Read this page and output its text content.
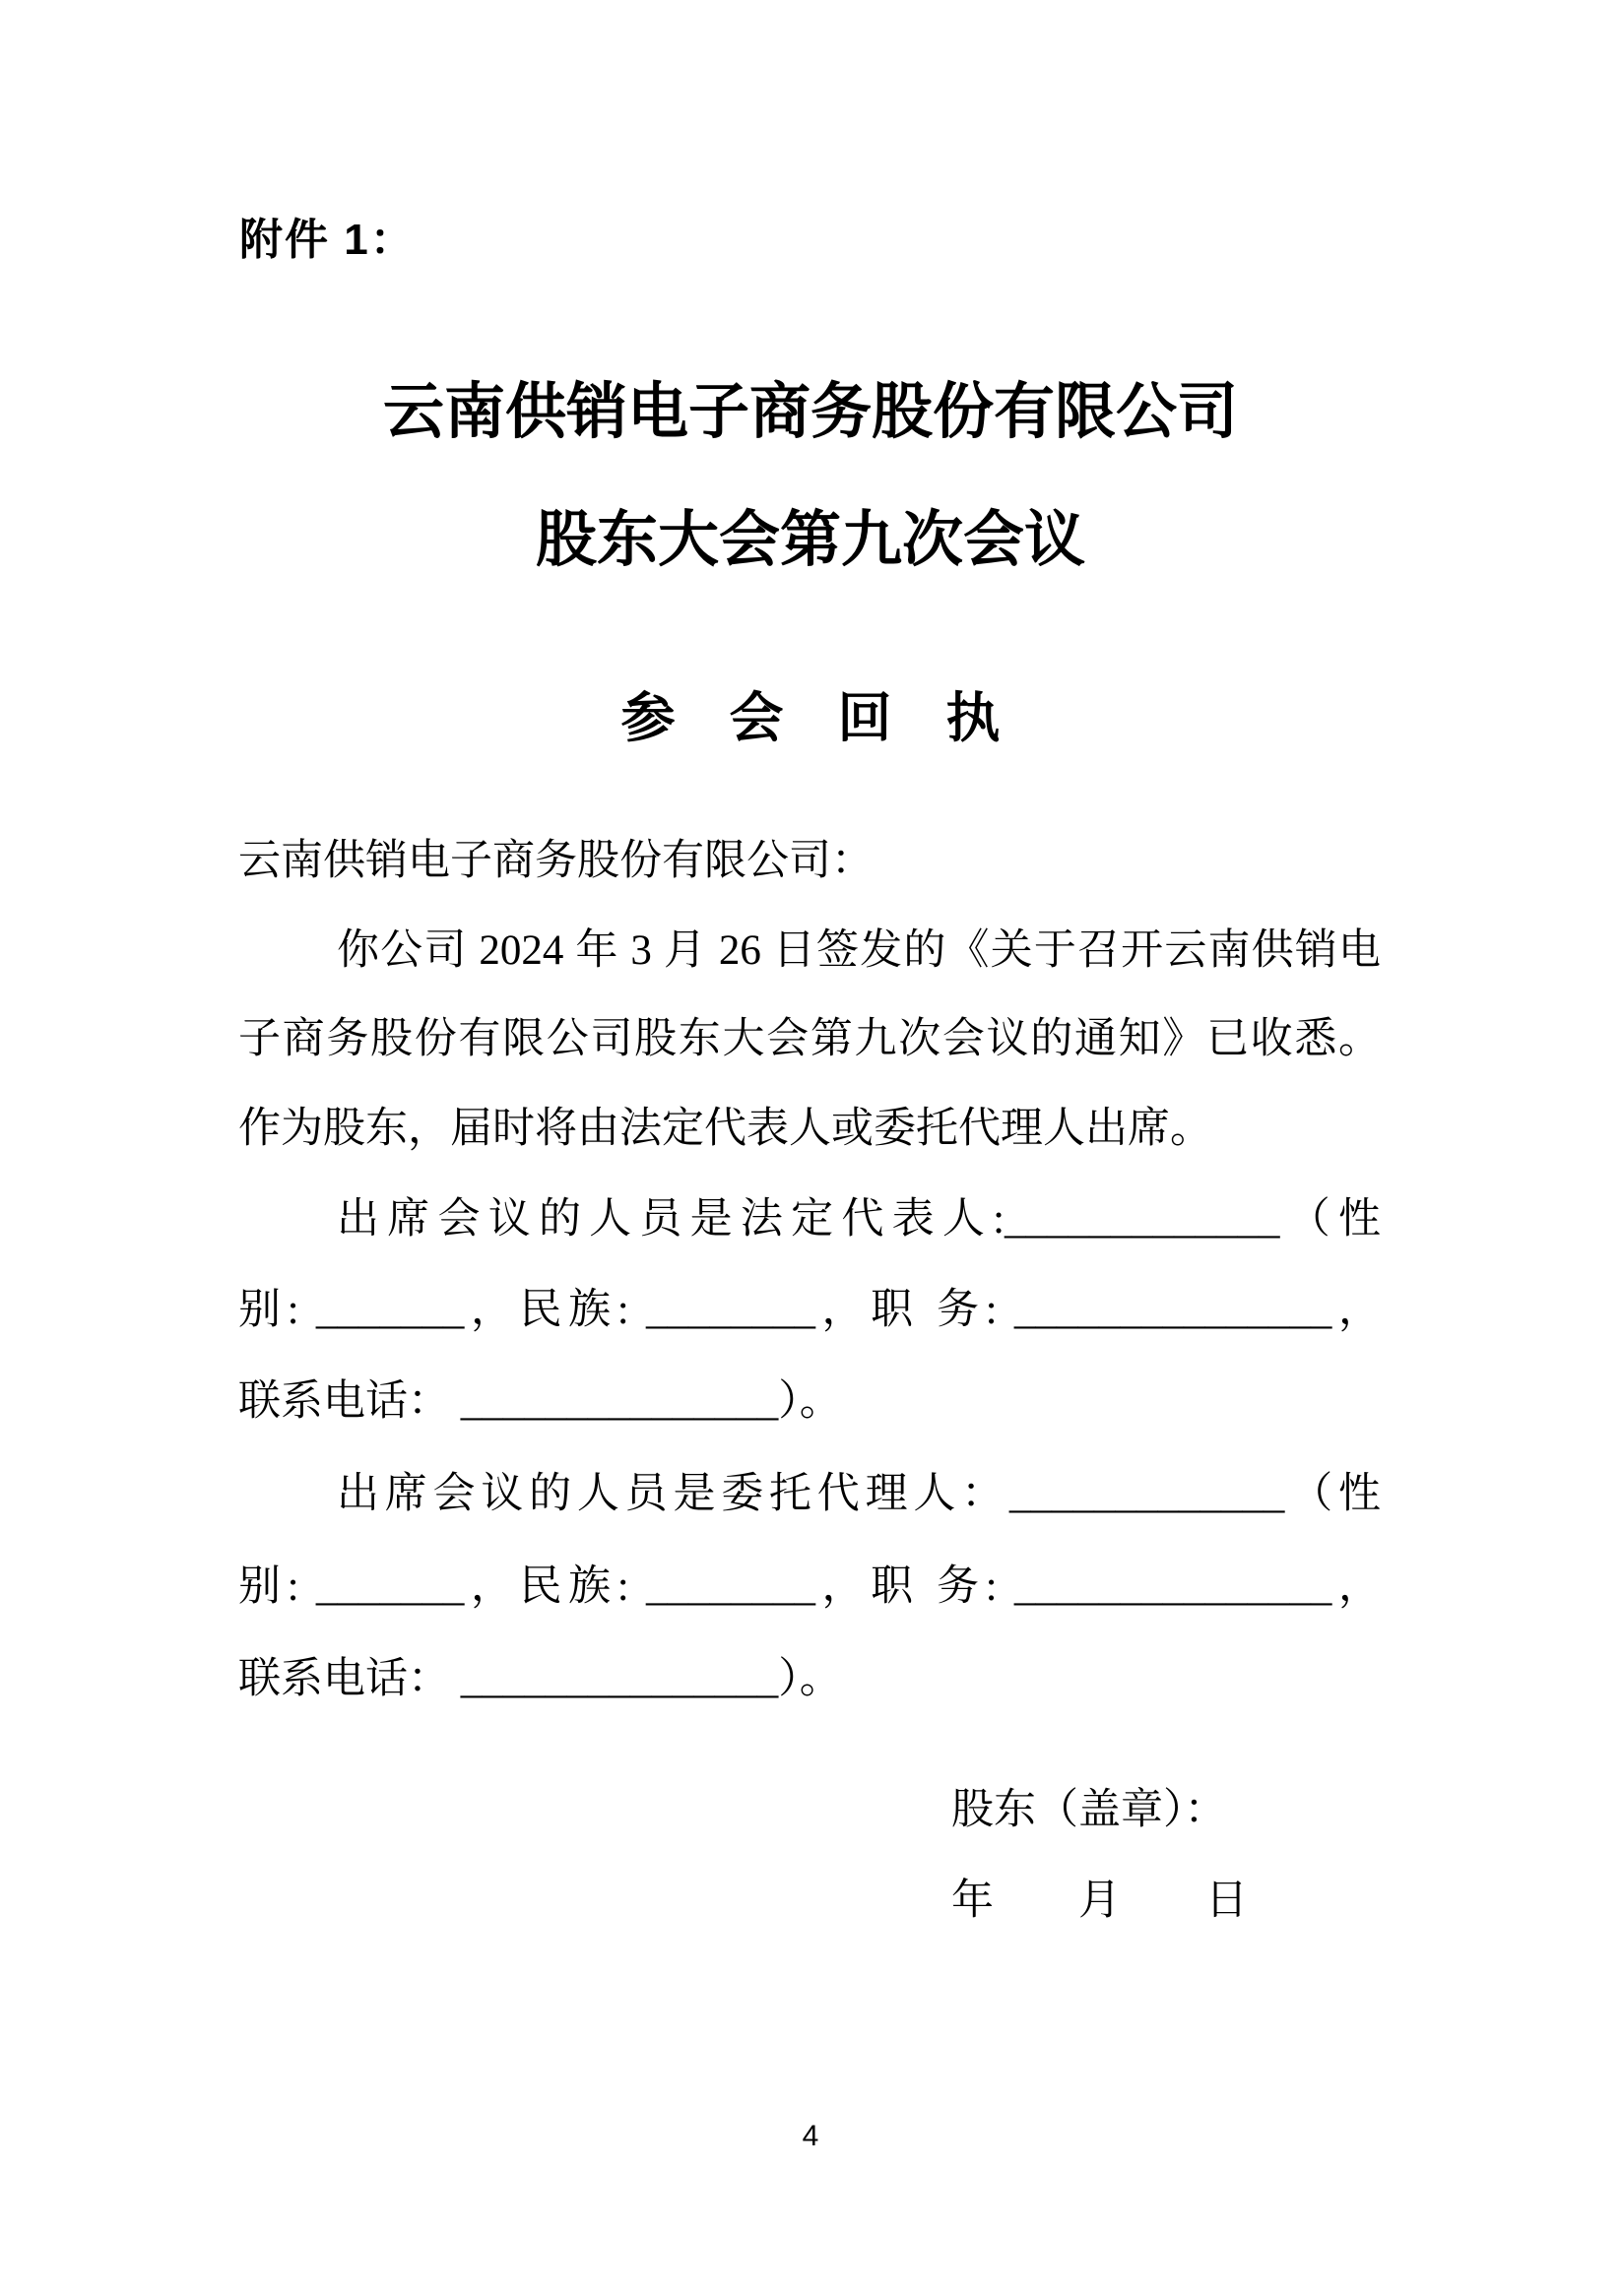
附件 1：
云南供销电子商务股份有限公司
股东大会第九次会议
参　会　回　执
云南供销电子商务股份有限公司：
你公司 2024 年 3 月 26 日签发的《关于召开云南供销电
子商务股份有限公司股东大会第九次会议的通知》已收悉。
作为股东，届时将由法定代表人或委托代理人出席。
出席会议的人员是法定代表人:_____________（性
别: _______，民族: ________，职 务: _______________，
联系电话： _______________）。
出席会议的人员是委托代理人：_____________（性
别: _______，民族: ________，职 务: _______________，
联系电话： _______________）。
股东（盖章）：
年　　月　　日
4
